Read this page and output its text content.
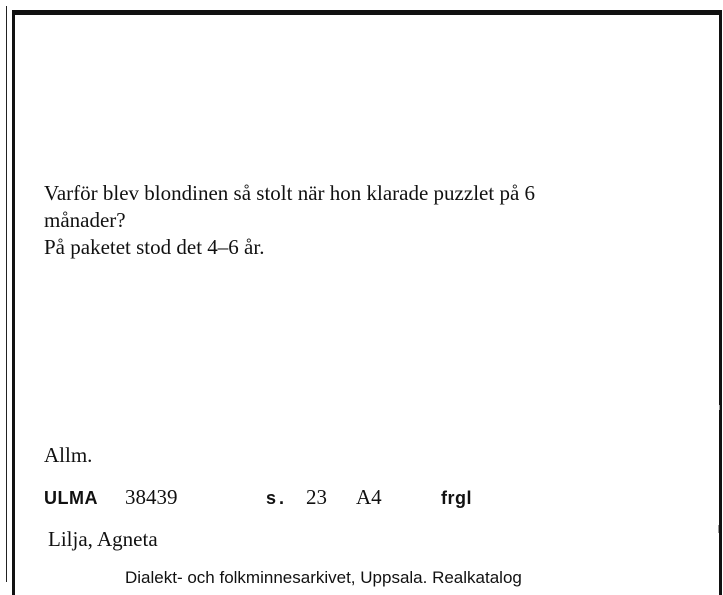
Varför blev blondinen så stolt när hon klarade puzzlet på 6

månader?

På paketet stod det 4–6 år.

Allm.
ULMA 38439	s. 23 A4	frgl
Lilja, Agneta
Dialekt- och folkminnesarkivet, Uppsala. Realkatalog
